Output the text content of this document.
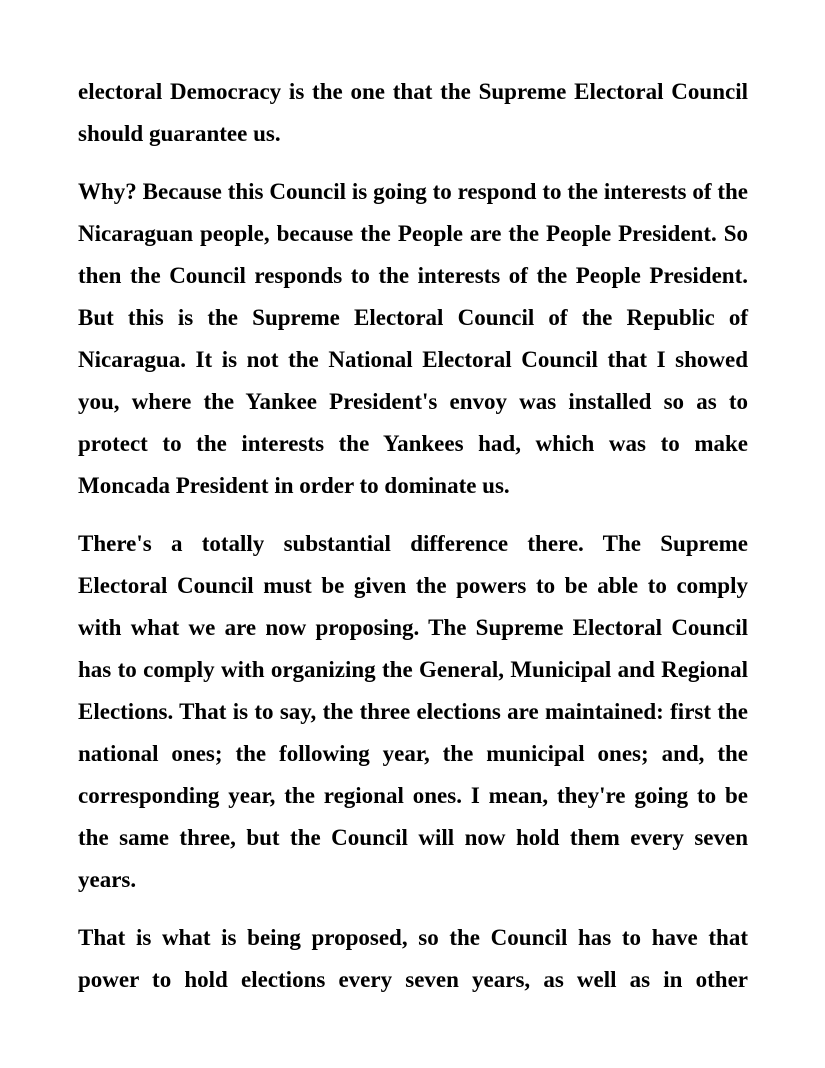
electoral Democracy is the one that the Supreme Electoral Council should guarantee us.

Why? Because this Council is going to respond to the interests of the Nicaraguan people, because the People are the People President. So then the Council responds to the interests of the People President. But this is the Supreme Electoral Council of the Republic of Nicaragua. It is not the National Electoral Council that I showed you, where the Yankee President's envoy was installed so as to protect to the interests the Yankees had, which was to make Moncada President in order to dominate us.

There's a totally substantial difference there. The Supreme Electoral Council must be given the powers to be able to comply with what we are now proposing. The Supreme Electoral Council has to comply with organizing the General, Municipal and Regional Elections. That is to say, the three elections are maintained: first the national ones; the following year, the municipal ones; and, the corresponding year, the regional ones. I mean, they're going to be the same three, but the Council will now hold them every seven years.

That is what is being proposed, so the Council has to have that power to hold elections every seven years, as well as in other
